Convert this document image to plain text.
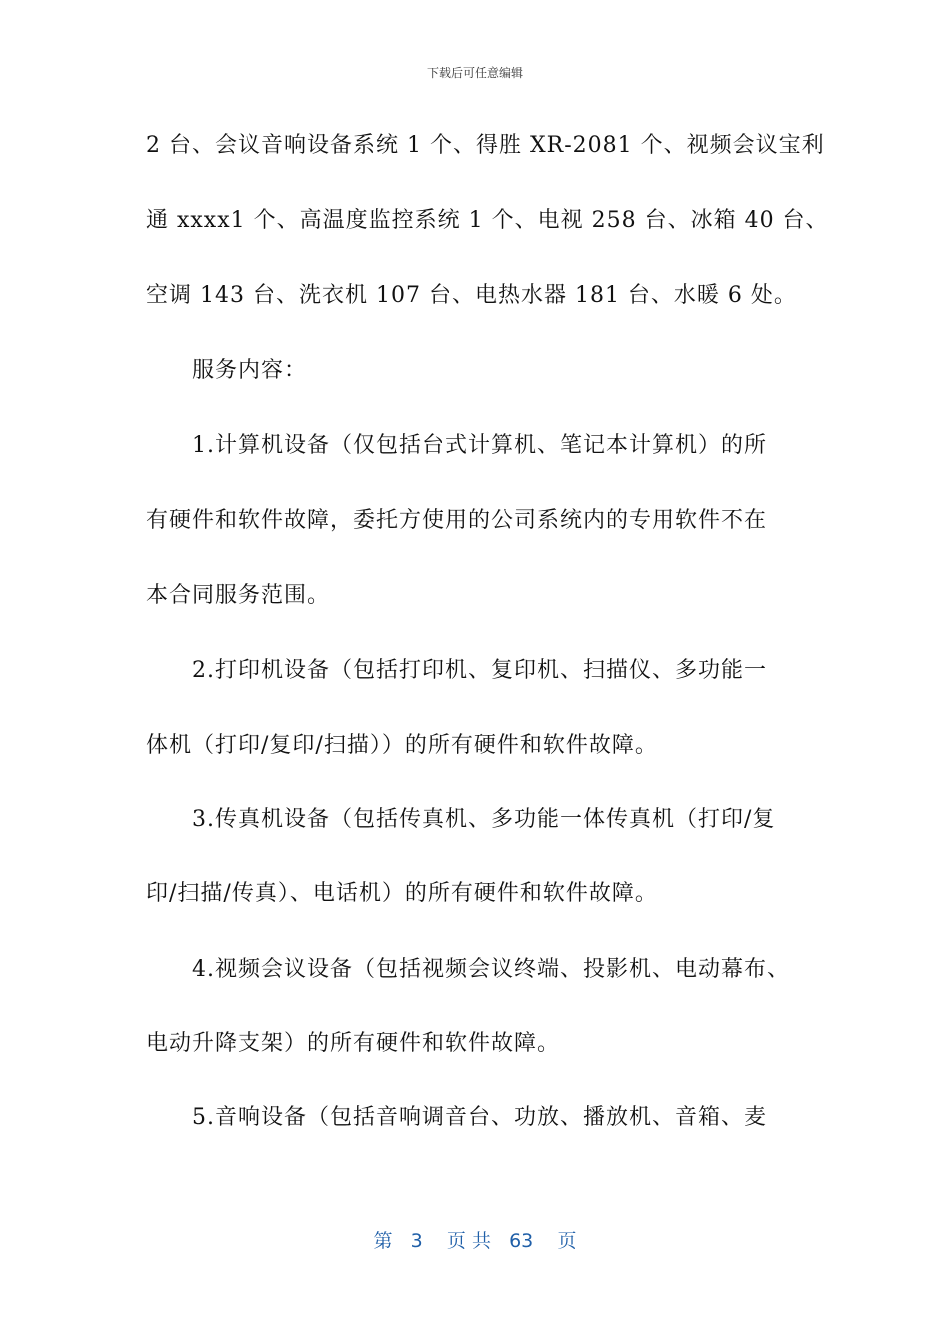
下载后可任意编辑
2 台、会议音响设备系统 1 个、得胜 XR-2081 个、视频会议宝利
通 xxxx1 个、高温度监控系统 1 个、电视 258 台、冰箱 40 台、
空调 143 台、洗衣机 107 台、电热水器 181 台、水暖 6 处。
服务内容：
1.计算机设备（仅包括台式计算机、笔记本计算机）的所
有硬件和软件故障，委托方使用的公司系统内的专用软件不在
本合同服务范围。
2.打印机设备（包括打印机、复印机、扫描仪、多功能一
体机（打印/复印/扫描））的所有硬件和软件故障。
3.传真机设备（包括传真机、多功能一体传真机（打印/复
印/扫描/传真）、电话机）的所有硬件和软件故障。
4.视频会议设备（包括视频会议终端、投影机、电动幕布、
电动升降支架）的所有硬件和软件故障。
5.音响设备（包括音响调音台、功放、播放机、音箱、麦
第 3 页 共 63 页
